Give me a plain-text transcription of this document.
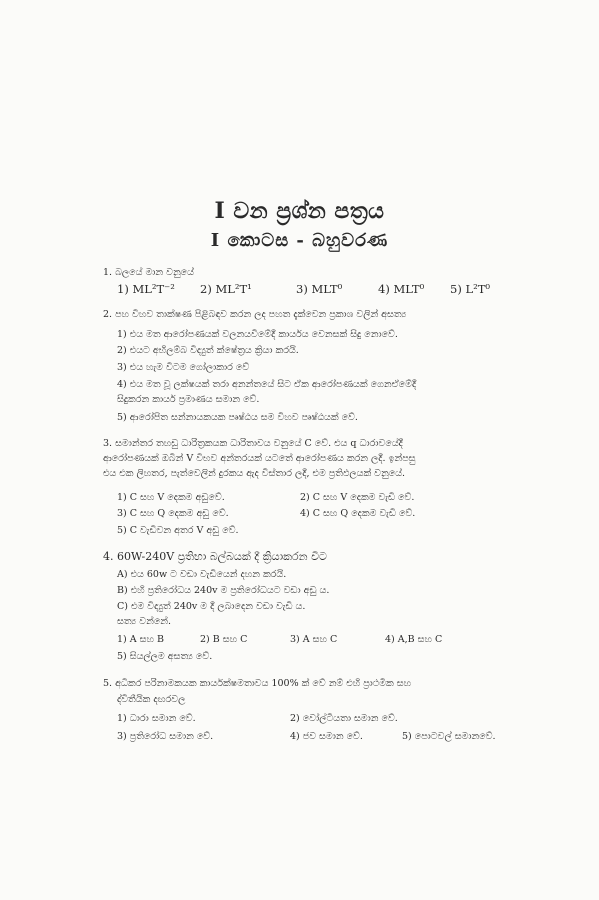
I වන ප්‍රශ්න පත්‍රය
I කොටස - බහුවරණ
1. බලයේ මාන වනුයේ
1) ML²T⁻² 2) ML²T¹	3) MLT⁰	4) MLT⁰ 5) L²T⁰
2. පහ විහව තාක්ෂණ පිළිබඳව කරන ලද පහත දැක්වෙන ප්‍රකාශ වලින් අසත්‍ය
1) එය මත ආරෝපණයක් වලනයවීමේදී කාර්යය වෙනසක් සිදු නොවේ.
2) එයට අභිලම්බ විද්‍යුත් ක්ෂේත්‍රය ක්‍රියා කරයි.
3) එය හැම විටම ගෝලාකාර වේ
4) එය මත වූ ලක්ෂයක් තරා අනන්තයේ සිට ඒක ආරෝපණයක් ගෙනඒමේදී
සිදුකරන කාර්ය ප්‍රමාණය සමාන වේ.
5) ආරෝපිත සන්නායකයක පෘෂ්ඨය සම විහව පෘෂ්ඨයක් වේ.
3. සමාන්තර තහඩු ධාරිත්‍රකයක ධාරිතාවය වනුයේ C වේ. එය q ධාරාවයේදී
ආරෝපණයක් ඔබින් V විභව අන්තරයක් යටතේ ආරෝපණය කරන ලදී. ඉන්පසු
එය එක ලිහතර, පැත්වෙලින් දුරකය ඇද විස්තාර ලදී, එම ප්‍රතිඵලයක් වනුයේ.
1) C සහ V දෙකම අඩුවේ.	2) C සහ V දෙකම වැඩි වේ.
3) C සහ Q දෙකම අඩු වේ.	4) C සහ Q දෙකම වැඩි වේ.
5) C වැඩිවන අතර V අඩු වේ.
4. 60W-240V ප්‍රතිභා බල්බයක් දී ක්‍රියාකරන විට
A) එය 60w ට වඩා වැඩියෙන් දහන කරයි.
B) එහි ප්‍රතිරෝධය 240v ම ප්‍රතිරෝධයට වඩා අඩු ය.
C) එම විද්‍යුත් 240v ම දී ලබාදෙන වඩා වැඩි ය.
සත්‍ය වන්නේ.
1) A සහ B	2) B සහ C	3) A සහ C	4) A,B සහ C
5) සියල්ලම අසත්‍ය වේ.
5. අධිකර පරිනාමකයක කාර්යක්ෂමතාවය 100% ක් වේ නම් එහි ප්‍රාථමික සහ
ද්විතීයික දඟරවල
1) ධාරා සමාන වේ.	2) වෝල්ටීයතා සමාන වේ.
3) ප්‍රතිරෝධ සමාන වේ.	4) ජව සමාන වේ.	5) පොටවල් සමානවේ.
